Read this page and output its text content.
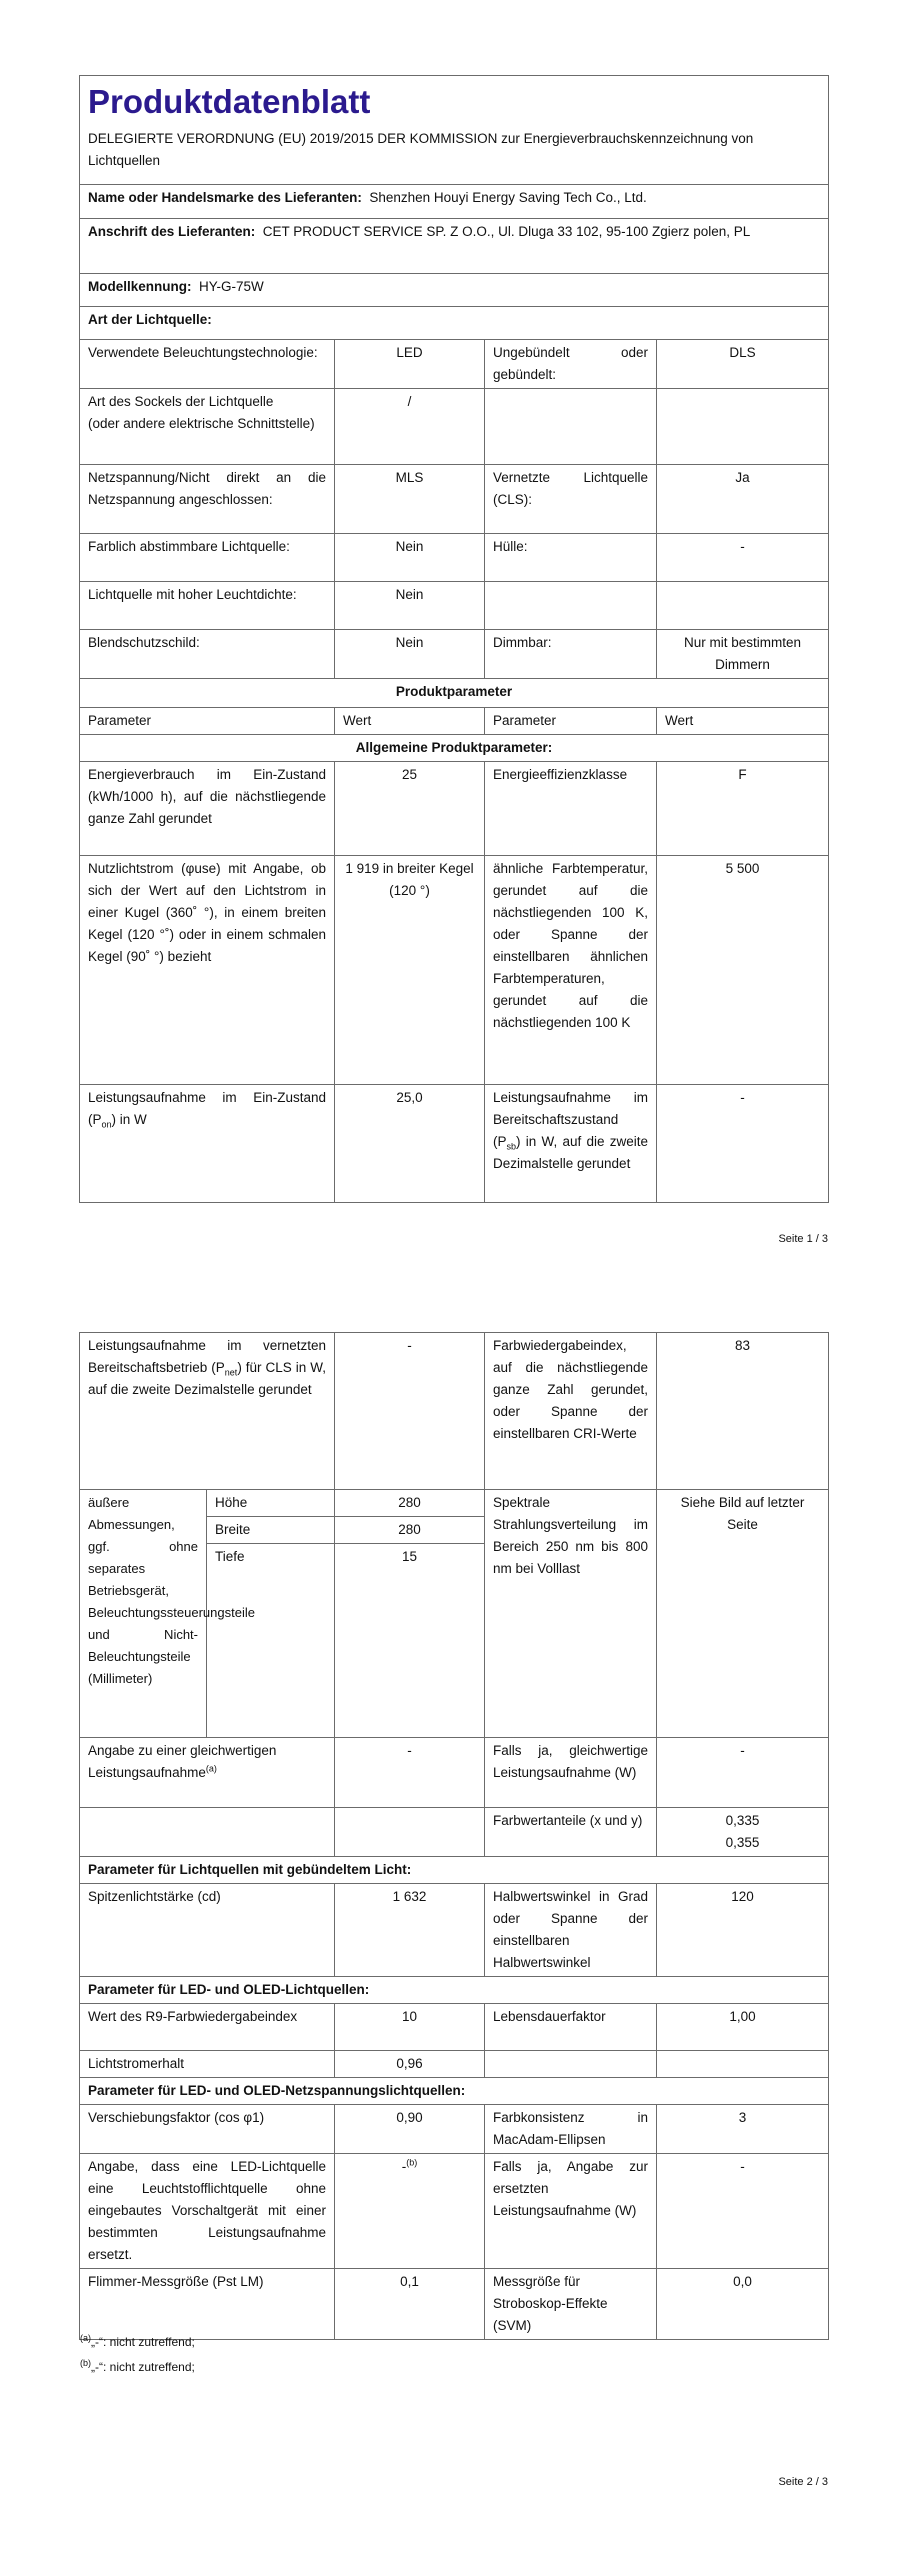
Produktdatenblatt
DELEGIERTE VERORDNUNG (EU) 2019/2015 DER KOMMISSION zur Energieverbrauchskennzeichnung von Lichtquellen			

Name oder Handelsmarke des Lieferanten: Shenzhen Houyi Energy Saving Tech Co., Ltd.			
Anschrift des Lieferanten: CET PRODUCT SERVICE SP. Z O.O., Ul. Dluga 33 102, 95-100 Zgierz polen, PL			
Modellkennung: HY-G-75W			
Art der Lichtquelle:			
Verwendete Beleuchtungstechnologie:	LED	Ungebündelt oder gebündelt:	DLS
Art des Sockels der Lichtquelle
(oder andere elektrische Schnittstelle)	/		
Netzspannung/Nicht direkt an die Netzspannung angeschlossen:	MLS	Vernetzte Lichtquelle (CLS):	Ja
Farblich abstimmbare Lichtquelle:	Nein	Hülle:	-
Lichtquelle mit hoher Leuchtdichte:	Nein		
Blendschutzschild:	Nein	Dimmbar:	Nur mit bestimmten Dimmern
Produktparameter			
Parameter	Wert	Parameter	Wert
Allgemeine Produktparameter:			
Energieverbrauch im Ein-Zustand (kWh/1000 h), auf die nächstliegende ganze Zahl gerundet	25	Energieeffizienzklasse	F
Nutzlichtstrom (φuse) mit Angabe, ob sich der Wert auf den Lichtstrom in einer Kugel (360˚ °), in einem breiten Kegel (120 °˚) oder in einem schmalen Kegel (90˚ °) bezieht	1 919 in breiter Kegel (120 °)	ähnliche Farbtemperatur, gerundet auf die nächstliegenden 100 K, oder Spanne der einstellbaren ähnlichen Farbtemperaturen, gerundet auf die nächstliegenden 100 K	5 500
Leistungsaufnahme im Ein-Zustand $(P_{on})$ in W	25,0	Leistungsaufnahme im Bereitschaftszustand $(P_{sb})$ in W, auf die zweite Dezimalstelle gerundet	-
Seite 1 / 3
Leistungsaufnahme im vernetzten Bereitschaftsbetrieb $(P_{net})$ für CLS in W, auf die zweite Dezimalstelle gerundet		-	Farbwiedergabeindex, auf die nächstliegende ganze Zahl gerundet, oder Spanne der einstellbaren CRI-Werte	83
äußere Abmessungen, ggf. ohne separates Betriebsgerät, Beleuchtungssteuerungsteile und Nicht-Beleuchtungsteile (Millimeter)	Höhe	280	Spektrale Strahlungsverteilung im Bereich 250 nm bis 800 nm bei Volllast	Siehe Bild auf letzter Seite
	Breite	280		
	Tiefe	15		
Angabe zu einer gleichwertigen Leistungsaufnahme$^{(a)}$		-	Falls ja, gleichwertige Leistungsaufnahme (W)	-
			Farbwertanteile (x und y)	0,335
0,355
Parameter für Lichtquellen mit gebündeltem Licht:				
Spitzenlichtstärke (cd)		1 632	Halbwertswinkel in Grad oder Spanne der einstellbaren Halbwertswinkel	120
Parameter für LED- und OLED-Lichtquellen:				
Wert des R9-Farbwiedergabeindex		10	Lebensdauerfaktor	1,00
Lichtstromerhalt		0,96		
Parameter für LED- und OLED-Netzspannungslichtquellen:				
Verschiebungsfaktor (cos φ1)		0,90	Farbkonsistenz in MacAdam-Ellipsen	3
Angabe, dass eine LED-Lichtquelle eine Leuchtstofflichtquelle ohne eingebautes Vorschaltgerät mit einer bestimmten Leistungsaufnahme ersetzt.		-$^{(b)}$	Falls ja, Angabe zur ersetzten Leistungsaufnahme (W)	-
Flimmer-Messgröße (Pst LM)		0,1	Messgröße für Stroboskop-Effekte (SVM)	0,0
$^{(a)}$„-“: nicht zutreffend;
$^{(b)}$„-“: nicht zutreffend;
Seite 2 / 3
